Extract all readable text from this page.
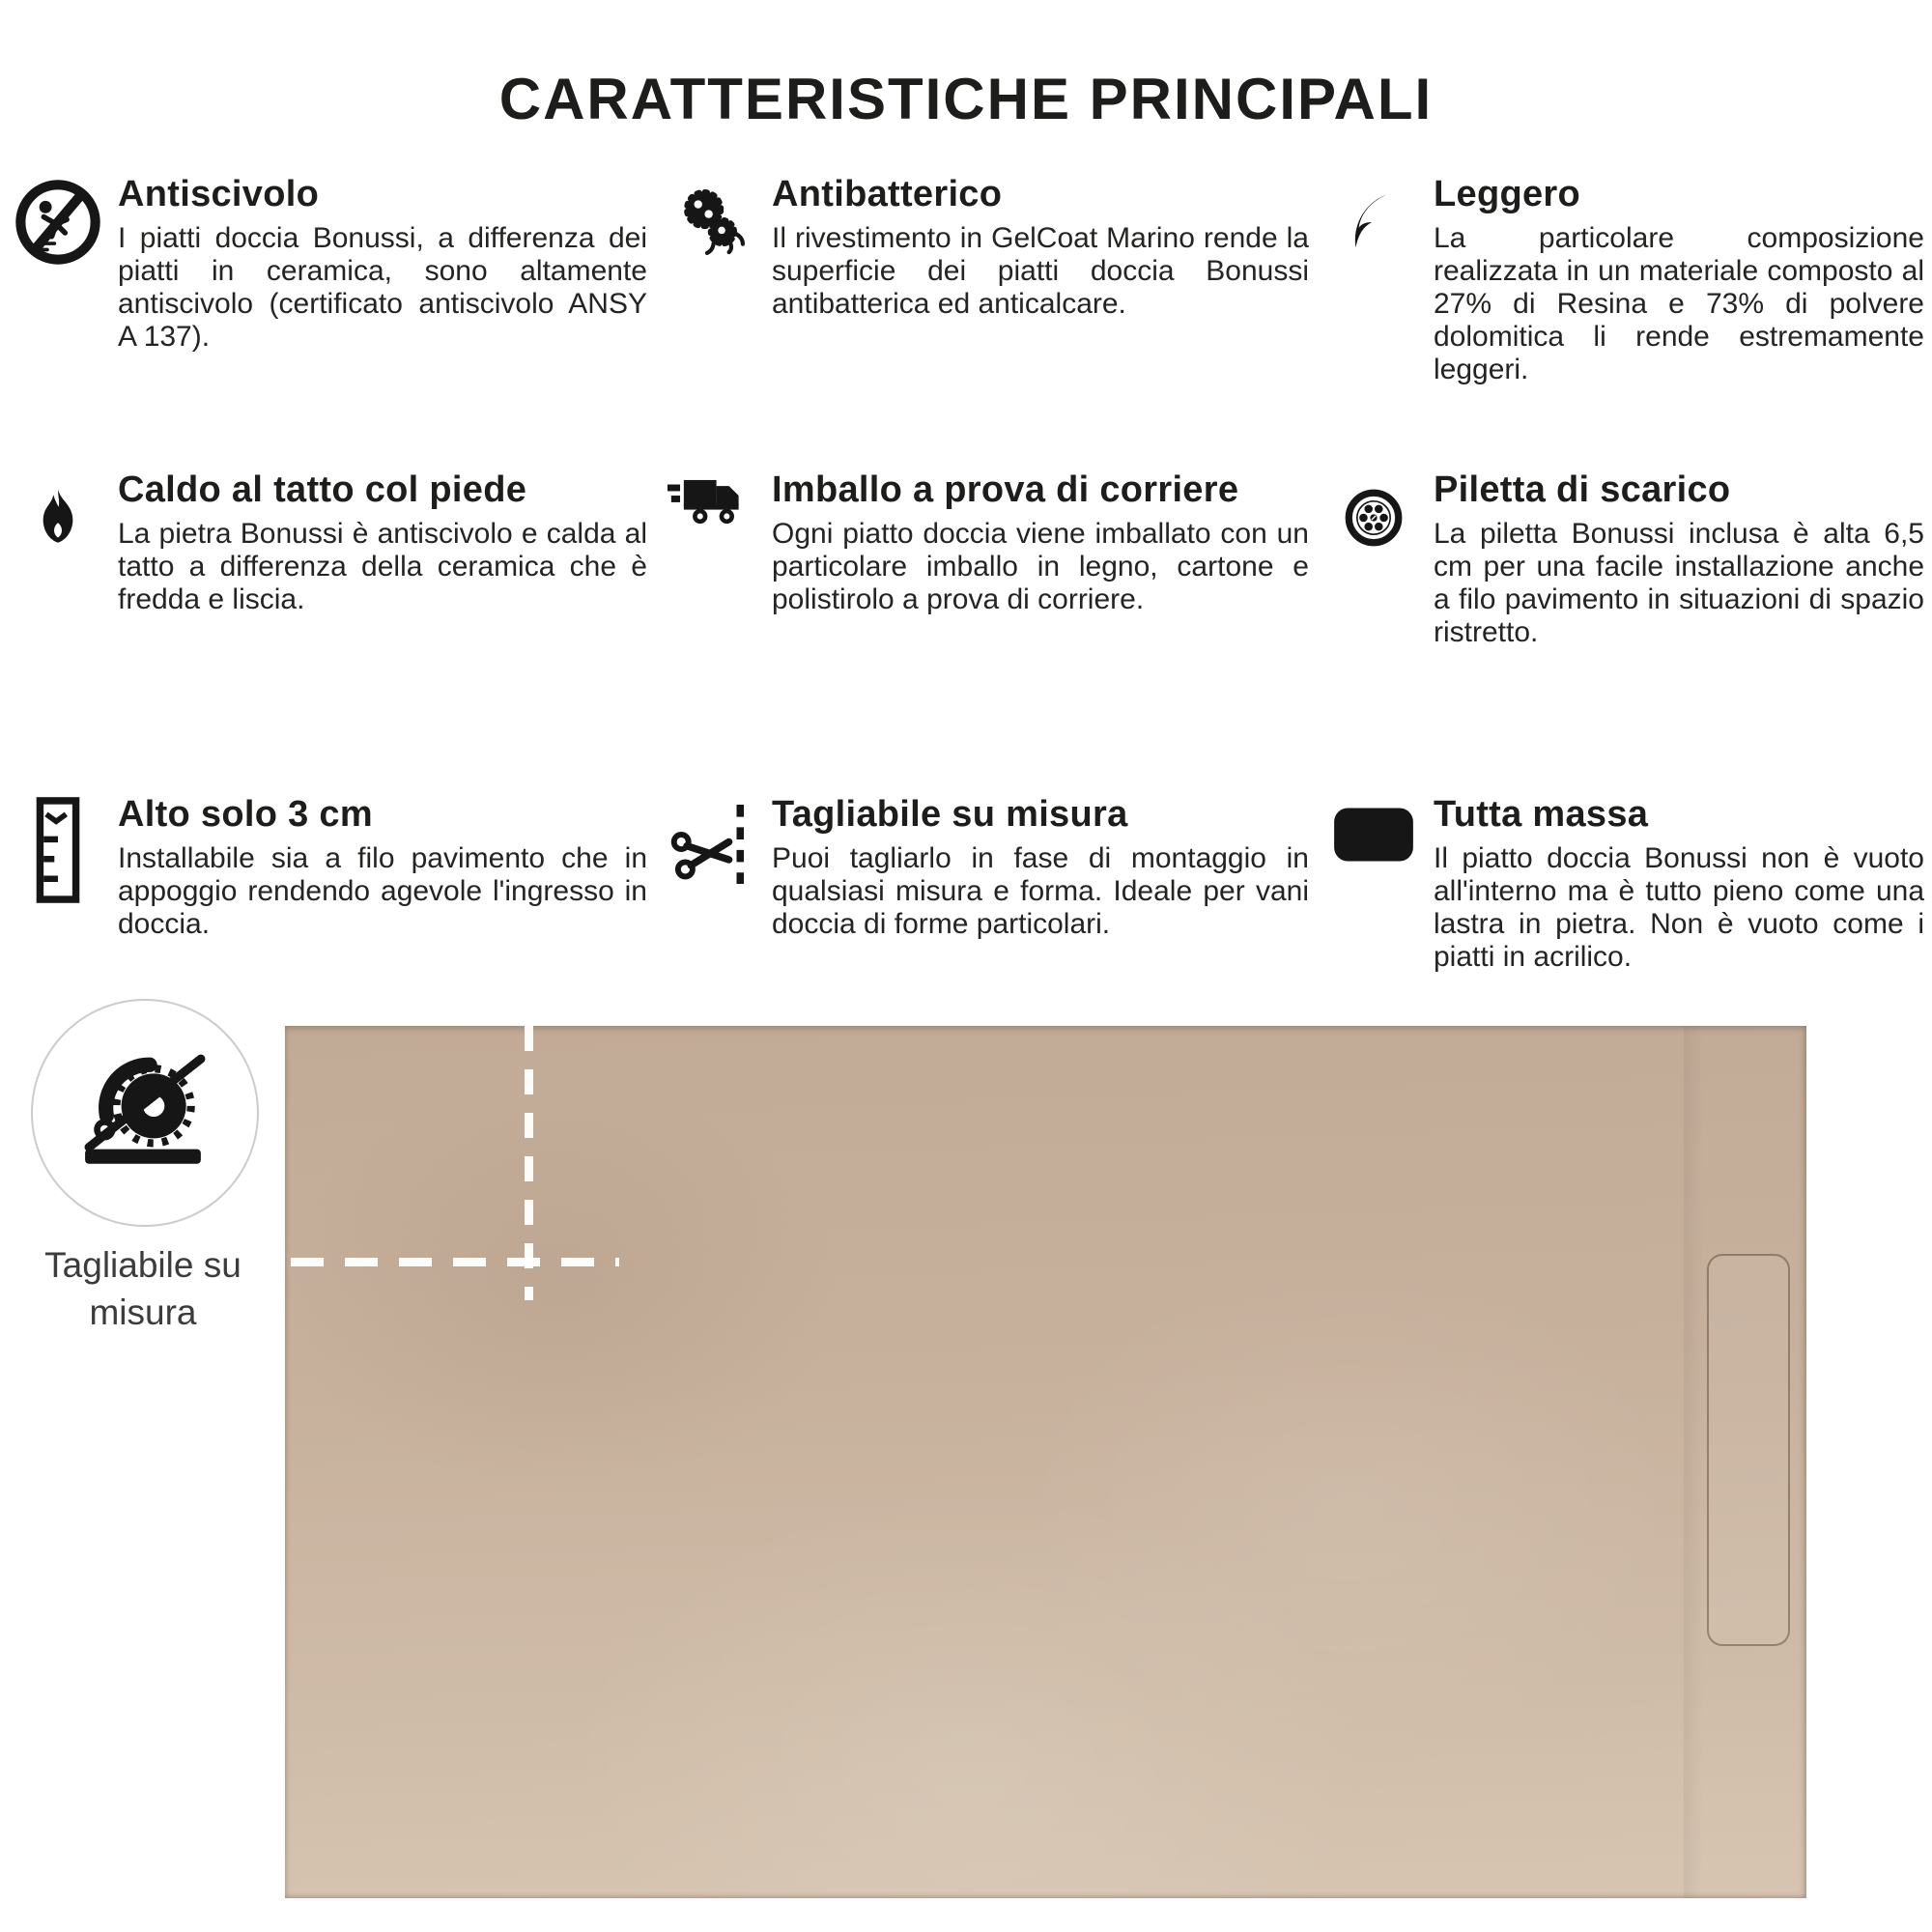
CARATTERISTICHE PRINCIPALI
Antiscivolo

I piatti doccia Bonussi, a differenza dei piatti in ceramica, sono altamente antiscivolo (certificato antiscivolo ANSY A 137).

Antibatterico

Il rivestimento in GelCoat Marino rende la superficie dei piatti doccia Bonussi antibatterica ed anticalcare.

Leggero

La particolare composizione realizzata in un materiale composto al 27% di Resina e 73% di polvere dolomitica li rende estremamente leggeri.

Caldo al tatto col piede

La pietra Bonussi è antiscivolo e calda al tatto a differenza della ceramica che è fredda e liscia.

Imballo a prova di corriere

Ogni piatto doccia viene imballato con un particolare imballo in legno, cartone e polistirolo a prova di corriere.

Piletta di scarico

La piletta Bonussi inclusa è alta 6,5 cm per una facile installazione anche a filo pavimento in situazioni di spazio ristretto.

Alto solo 3 cm

Installabile sia a filo pavimento che in appoggio rendendo agevole l'ingresso in doccia.

Tagliabile su misura

Puoi tagliarlo in fase di montaggio in qualsiasi misura e forma. Ideale per vani doccia di forme particolari.

Tutta massa

Il piatto doccia Bonussi non è vuoto all'interno ma è tutto pieno come una lastra in pietra. Non è vuoto come i piatti in acrilico.

Tagliabile su misura
